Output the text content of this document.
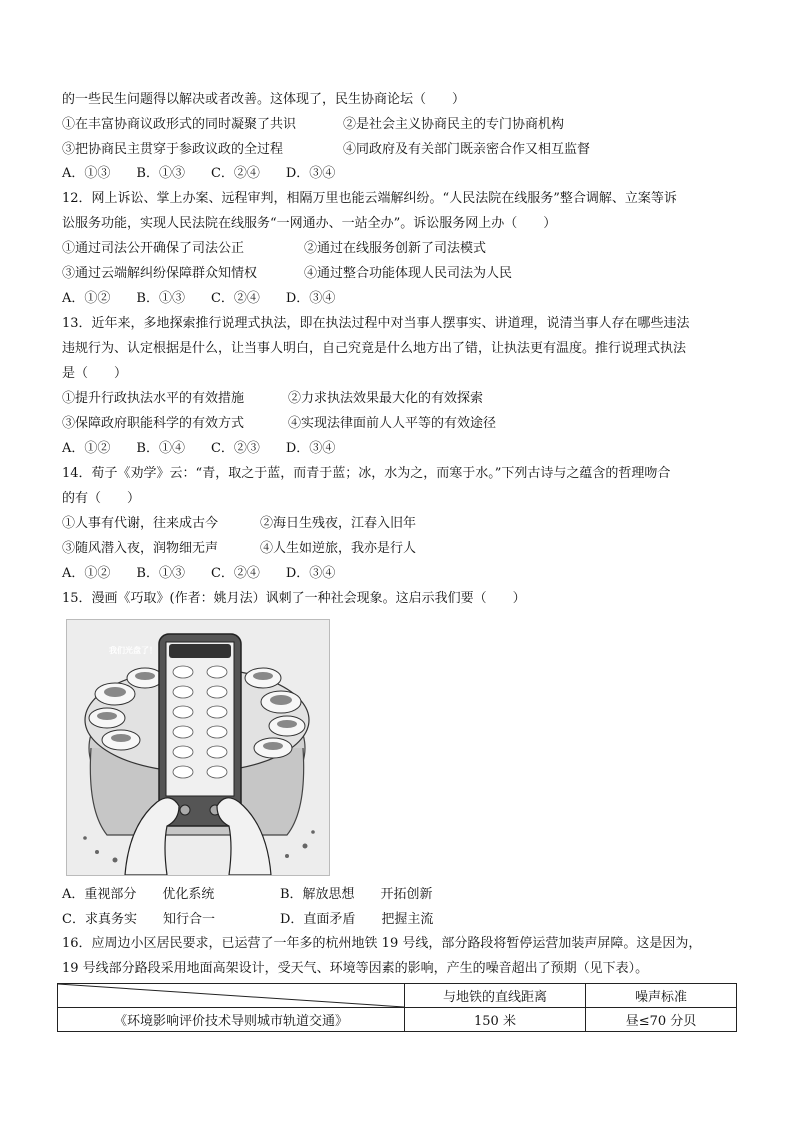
的一些民生问题得以解决或者改善。这体现了，民生协商论坛（　　）
①在丰富协商议政形式的同时凝聚了共识	②是社会主义协商民主的专门协商机构
③把协商民主贯穿于参政议政的全过程	④同政府及有关部门既亲密合作又相互监督
A．①③　　B．①③　　C．②④　　D．③④
12．网上诉讼、掌上办案、远程审判，相隔万里也能云端解纠纷。“人民法院在线服务”整合调解、立案等诉
讼服务功能，实现人民法院在线服务“一网通办、一站全办”。诉讼服务网上办（　　）
①通过司法公开确保了司法公正	②通过在线服务创新了司法模式
③通过云端解纠纷保障群众知情权	④通过整合功能体现人民司法为人民
A．①②　　B．①③　　C．②④　　D．③④
13．近年来，多地探索推行说理式执法，即在执法过程中对当事人摆事实、讲道理，说清当事人存在哪些违法
违规行为、认定根据是什么，让当事人明白，自己究竟是什么地方出了错，让执法更有温度。推行说理式执法
是（　　）
①提升行政执法水平的有效措施	②力求执法效果最大化的有效探索
③保障政府职能科学的有效方式	④实现法律面前人人平等的有效途径
A．①②　　B．①④　　C．②③　　D．③④
14．荀子《劝学》云：“青，取之于蓝，而青于蓝；冰，水为之，而寒于水。”下列古诗与之蕴含的哲理吻合
的有（　　）
①人事有代谢，往来成古今	②海日生残夜，江春入旧年
③随风潜入夜，润物细无声	④人生如逆旅，我亦是行人
A．①②　　B．①③　　C．②④　　D．③④
15．漫画《巧取》(作者：姚月法）讽刺了一种社会现象。这启示我们要（　　）
我们光盘了！
A．重视部分　　优化系统	B．解放思想　　开拓创新
C．求真务实　　知行合一	D．直面矛盾　　把握主流
16．应周边小区居民要求，已运营了一年多的杭州地铁 19 号线，部分路段将暂停运营加装声屏障。这是因为，
19 号线部分路段采用地面高架设计，受天气、环境等因素的影响，产生的噪音超出了预期（见下表）。
	与地铁的直线距离	噪声标准
《环境影响评价技术导则城市轨道交通》	150 米	昼≤70 分贝
